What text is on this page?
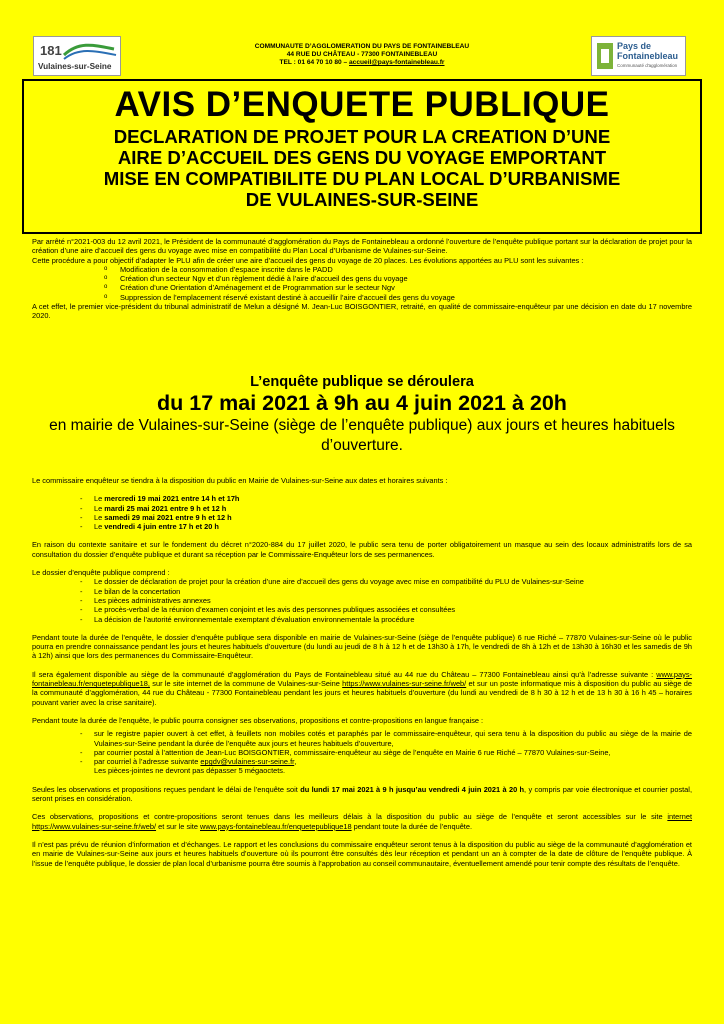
181
Vulaines-sur-Seine
COMMUNAUTE D’AGGLOMERATION DU PAYS DE FONTAINEBLEAU
44 RUE DU CHÂTEAU - 77300 FONTAINEBLEAU
TEL : 01 64 70 10 80 – accueil@pays-fontainebleau.fr
Pays de
Fontainebleau
Communauté d'agglomération
AVIS D’ENQUETE PUBLIQUE
DECLARATION DE PROJET POUR LA CREATION D’UNE
AIRE D’ACCUEIL DES GENS DU VOYAGE EMPORTANT
MISE EN COMPATIBILITE DU PLAN LOCAL D’URBANISME
DE VULAINES-SUR-SEINE

Par arrêté n°2021-003 du 12 avril 2021, le Président de la communauté d’agglomération du Pays de Fontainebleau a ordonné l’ouverture de l’enquête publique portant sur la déclaration de projet pour la création d’une aire d’accueil des gens du voyage avec mise en compatibilité du Plan Local d’Urbanisme de Vulaines-sur-Seine.

Cette procédure a pour objectif d’adapter le PLU afin de créer une aire d’accueil des gens du voyage de 20 places. Les évolutions apportées au PLU sont les suivantes :

o Modification de la consommation d’espace inscrite dans le PADD
o Création d’un secteur Ngv et d’un règlement dédié à l’aire d’accueil des gens du voyage
o Création d’une Orientation d’Aménagement et de Programmation sur le secteur Ngv
o Suppression de l’emplacement réservé existant destiné à accueillir l’aire d’accueil des gens du voyage

A cet effet, le premier vice-président du tribunal administratif de Melun a désigné M. Jean-Luc BOISGONTIER, retraité, en qualité de commissaire-enquêteur par une décision en date du 17 novembre 2020.

L’enquête publique se déroulera
du 17 mai 2021 à 9h au 4 juin 2021 à 20h
en mairie de Vulaines-sur-Seine (siège de l’enquête publique) aux jours et heures habituels d’ouverture.

Le commissaire enquêteur se tiendra à la disposition du public en Mairie de Vulaines-sur-Seine aux dates et horaires suivants :

- Le mercredi 19 mai 2021 entre 14 h et 17h
- Le mardi 25 mai 2021 entre 9 h et 12 h
- Le samedi 29 mai 2021 entre 9 h et 12 h
- Le vendredi 4 juin entre 17 h et 20 h

En raison du contexte sanitaire et sur le fondement du décret n°2020-884 du 17 juillet 2020, le public sera tenu de porter obligatoirement un masque au sein des locaux administratifs lors de sa consultation du dossier d’enquête publique et durant sa réception par le Commissaire-Enquêteur lors de ses permanences.

Le dossier d’enquête publique comprend :

- Le dossier de déclaration de projet pour la création d’une aire d’accueil des gens du voyage avec mise en compatibilité du PLU de Vulaines-sur-Seine
- Le bilan de la concertation
- Les pièces administratives annexes
- Le procès-verbal de la réunion d’examen conjoint et les avis des personnes publiques associées et consultées
- La décision de l’autorité environnementale exemptant d’évaluation environnementale la procédure

Pendant toute la durée de l’enquête, le dossier d’enquête publique sera disponible en mairie de Vulaines-sur-Seine (siège de l’enquête publique) 6 rue Riché – 77870 Vulaines-sur-Seine où le public pourra en prendre connaissance pendant les jours et heures habituels d’ouverture (du lundi au jeudi de 8 h à 12 h et de 13h30 à 17h, le vendredi de 8h à 12h et de 13h30 à 16h30 et les samedis de 9h à 12h) ainsi que lors des permanences du Commissaire-Enquêteur.

Il sera également disponible au siège de la communauté d’agglomération du Pays de Fontainebleau situé au 44 rue du Château – 77300 Fontainebleau ainsi qu’à l’adresse suivante : www.pays-fontainebleau.fr/enquetepublique18, sur le site internet de la commune de Vulaines-sur-Seine https://www.vulaines-sur-seine.fr/web/ et sur un poste informatique mis à disposition du public au siège de la communauté d’agglomération, 44 rue du Château - 77300 Fontainebleau pendant les jours et heures habituels d’ouverture (du lundi au vendredi de 8 h 30 à 12 h et de 13 h 30 à 16 h 45 – horaires pouvant varier avec la crise sanitaire).

Pendant toute la durée de l’enquête, le public pourra consigner ses observations, propositions et contre-propositions en langue française :

- sur le registre papier ouvert à cet effet, à feuillets non mobiles cotés et paraphés par le commissaire-enquêteur, qui sera tenu à la disposition du public au siège de la mairie de Vulaines-sur-Seine pendant la durée de l’enquête aux jours et heures habituels d’ouverture,
- par courrier postal à l’attention de Jean-Luc BOISGONTIER, commissaire-enquêteur au siège de l’enquête en Mairie 6 rue Riché – 77870 Vulaines-sur-Seine,
- par courriel à l’adresse suivante epgdv@vulaines-sur-seine.fr,
Les pièces-jointes ne devront pas dépasser 5 mégaoctets.

Seules les observations et propositions reçues pendant le délai de l’enquête soit du lundi 17 mai 2021 à 9 h jusqu’au vendredi 4 juin 2021 à 20 h, y compris par voie électronique et courrier postal, seront prises en considération.

Ces observations, propositions et contre-propositions seront tenues dans les meilleurs délais à la disposition du public au siège de l’enquête et seront accessibles sur le site internet https://www.vulaines-sur-seine.fr/web/ et sur le site www.pays-fontainebleau.fr/enquetepublique18 pendant toute la durée de l’enquête.

Il n’est pas prévu de réunion d’information et d’échanges. Le rapport et les conclusions du commissaire enquêteur seront tenus à la disposition du public au siège de la communauté d’agglomération et en mairie de Vulaines-sur-Seine aux jours et heures habituels d’ouverture où ils pourront être consultés dès leur réception et pendant un an à compter de la date de clôture de l’enquête publique. À l’issue de l’enquête publique, le dossier de plan local d’urbanisme pourra être soumis à l’approbation au conseil communautaire, éventuellement amendé pour tenir compte des résultats de l’enquête.
